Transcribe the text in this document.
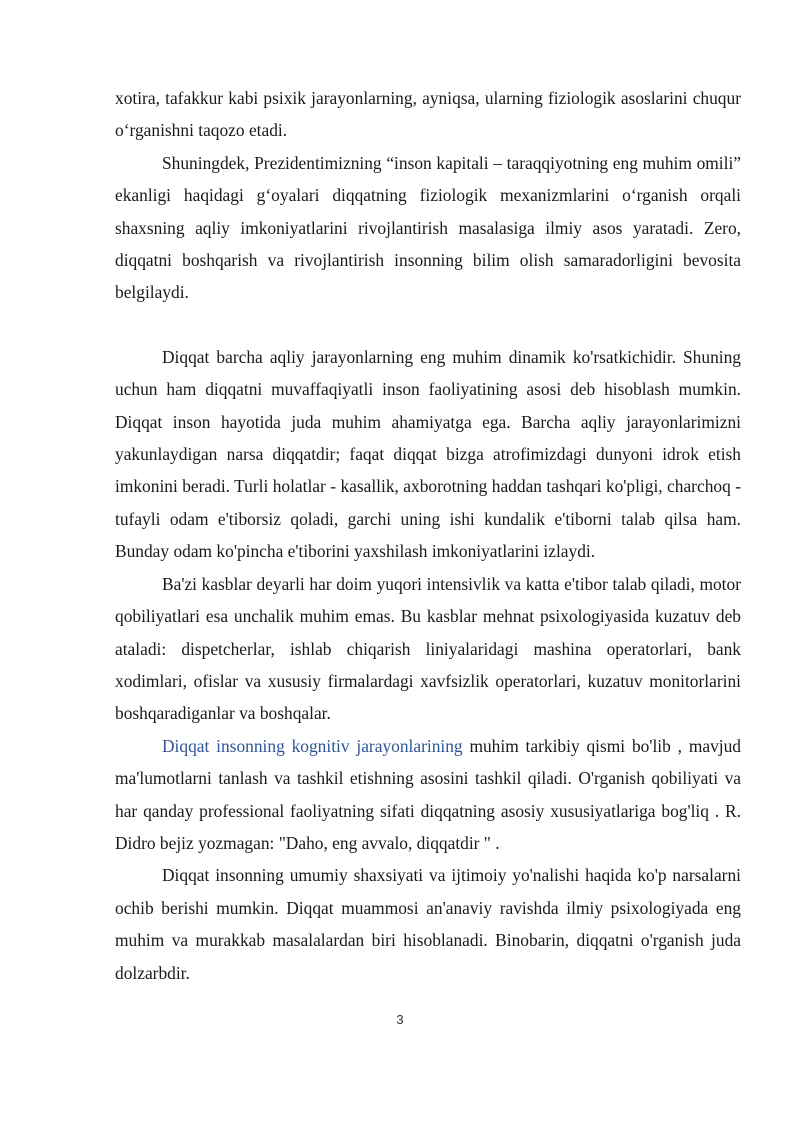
xotira, tafakkur kabi psixik jarayonlarning, ayniqsa, ularning fiziologik asoslarini chuqur o‘rganishni taqozo etadi.

Shuningdek, Prezidentimizning “inson kapitali – taraqqiyotning eng muhim omili” ekanligi haqidagi g‘oyalari diqqatning fiziologik mexanizmlarini o‘rganish orqali shaxsning aqliy imkoniyatlarini rivojlantirish masalasiga ilmiy asos yaratadi. Zero, diqqatni boshqarish va rivojlantirish insonning bilim olish samaradorligini bevosita belgilaydi.

Diqqat barcha aqliy jarayonlarning eng muhim dinamik ko'rsatkichidir. Shuning uchun ham diqqatni muvaffaqiyatli inson faoliyatining asosi deb hisoblash mumkin. Diqqat inson hayotida juda muhim ahamiyatga ega. Barcha aqliy jarayonlarimizni yakunlaydigan narsa diqqatdir; faqat diqqat bizga atrofimizdagi dunyoni idrok etish imkonini beradi. Turli holatlar - kasallik, axborotning haddan tashqari ko'pligi, charchoq - tufayli odam e'tiborsiz qoladi, garchi uning ishi kundalik e'tiborni talab qilsa ham. Bunday odam ko'pincha e'tiborini yaxshilash imkoniyatlarini izlaydi.

Ba'zi kasblar deyarli har doim yuqori intensivlik va katta e'tibor talab qiladi, motor qobiliyatlari esa unchalik muhim emas. Bu kasblar mehnat psixologiyasida kuzatuv deb ataladi: dispetcherlar, ishlab chiqarish liniyalaridagi mashina operatorlari, bank xodimlari, ofislar va xususiy firmalardagi xavfsizlik operatorlari, kuzatuv monitorlarini boshqaradiganlar va boshqalar.

Diqqat insonning kognitiv jarayonlarining muhim tarkibiy qismi bo'lib , mavjud ma'lumotlarni tanlash va tashkil etishning asosini tashkil qiladi. O'rganish qobiliyati va har qanday professional faoliyatning sifati diqqatning asosiy xususiyatlariga bog'liq . R. Didro bejiz yozmagan: "Daho, eng avvalo, diqqatdir " .

Diqqat insonning umumiy shaxsiyati va ijtimoiy yo'nalishi haqida ko'p narsalarni ochib berishi mumkin. Diqqat muammosi an'anaviy ravishda ilmiy psixologiyada eng muhim va murakkab masalalardan biri hisoblanadi. Binobarin, diqqatni o'rganish juda dolzarbdir.

3
